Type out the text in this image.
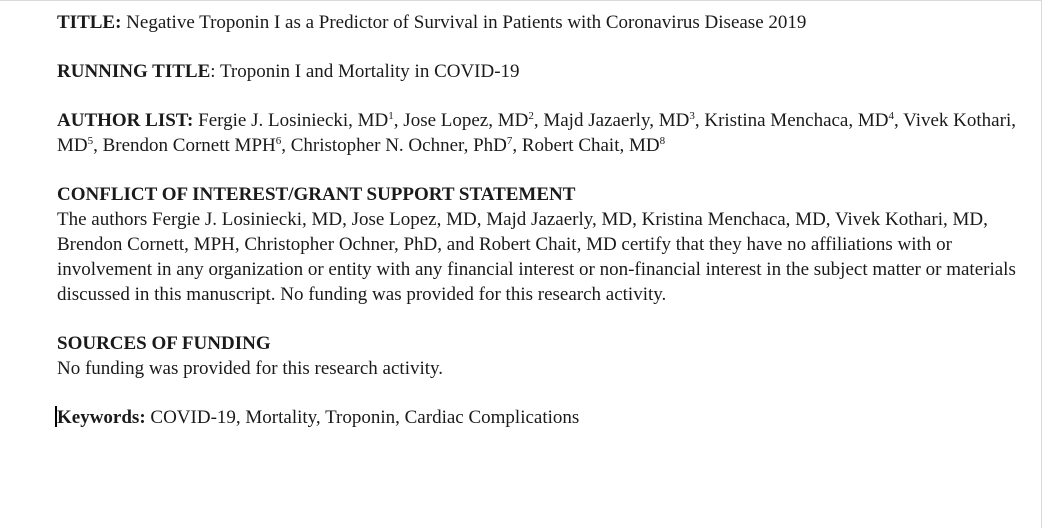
TITLE: Negative Troponin I as a Predictor of Survival in Patients with Coronavirus Disease 2019

RUNNING TITLE: Troponin I and Mortality in COVID-19

AUTHOR LIST: Fergie J. Losiniecki, $MD^1$, Jose Lopez, $MD^2$, Majd Jazaerly, $MD^3$, Kristina Menchaca, $MD^4$, Vivek Kothari, $MD^5$, Brendon Cornett MPH$^6$, Christopher N. Ochner, PhD$^7$, Robert Chait, $MD^8$

CONFLICT OF INTEREST/GRANT SUPPORT STATEMENT
The authors Fergie J. Losiniecki, MD, Jose Lopez, MD, Majd Jazaerly, MD, Kristina Menchaca, MD, Vivek Kothari, MD, Brendon Cornett, MPH, Christopher Ochner, PhD, and Robert Chait, MD certify that they have no affiliations with or involvement in any organization or entity with any financial interest or non-financial interest in the subject matter or materials discussed in this manuscript. No funding was provided for this research activity.

SOURCES OF FUNDING
No funding was provided for this research activity.

Keywords: COVID-19, Mortality, Troponin, Cardiac Complications
